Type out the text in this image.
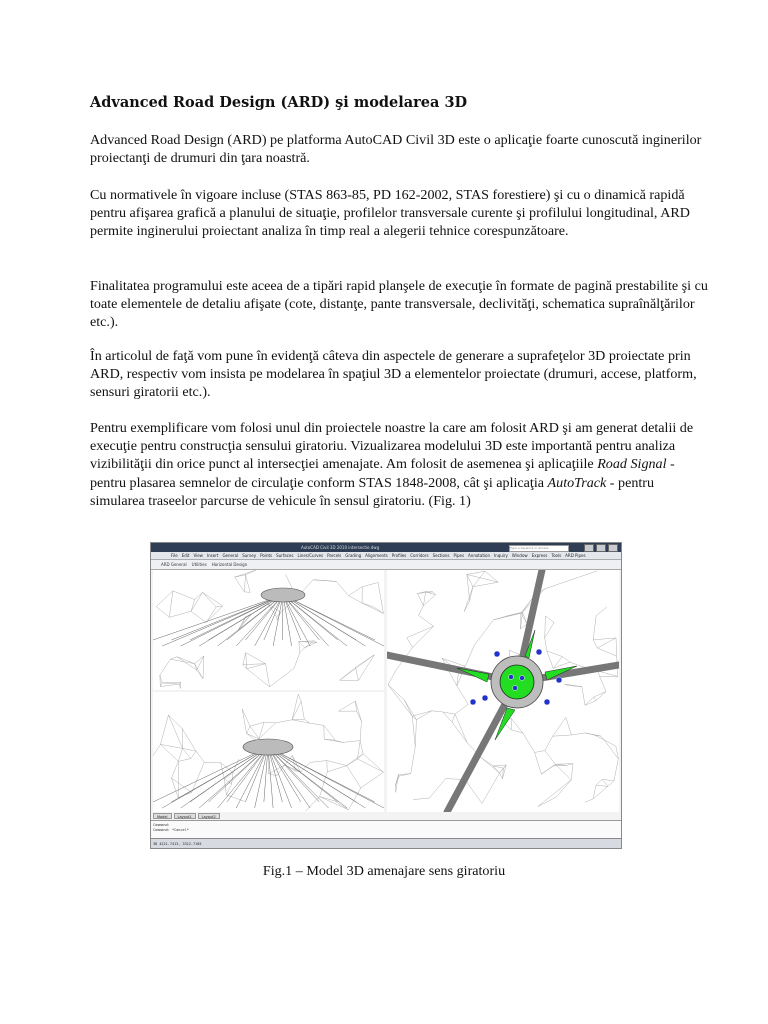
Advanced Road Design (ARD) şi modelarea 3D

Advanced Road Design (ARD) pe platforma AutoCAD Civil 3D este o aplicaţie foarte cunoscută inginerilor proiectanţi de drumuri din ţara noastră.

Cu normativele în vigoare incluse (STAS 863-85, PD 162-2002, STAS forestiere) şi cu o dinamică rapidă pentru afişarea grafică a planului de situaţie, profilelor transversale curente şi profilului longitudinal, ARD permite inginerului proiectant analiza în timp real a alegerii tehnice corespunzătoare.

Finalitatea programului este aceea de a tipări rapid planşele de execuţie în formate de pagină prestabilite şi cu toate elementele de detaliu afişate (cote, distanţe, pante transversale, declivităţi, schematica supraînălţărilor etc.).

În articolul de faţă vom pune în evidenţă câteva din aspectele de generare a suprafeţelor 3D proiectate prin ARD, respectiv vom insista pe modelarea în spaţiul 3D a elementelor proiectate (drumuri, accese, platform, sensuri giratorii etc.).

Pentru exemplificare vom folosi unul din proiectele noastre la care am folosit ARD şi am generat detalii de execuţie pentru construcţia sensului giratoriu. Vizualizarea modelului 3D este importantă pentru analiza vizibilităţii din orice punct al intersecţiei amenajate. Am folosit de asemenea şi aplicaţiile Road Signal - pentru plasarea semnelor de circulaţie conform STAS 1848-2008, cât şi aplicaţia AutoTrack - pentru simularea traseelor parcurse de vehicule în sensul giratoriu. (Fig. 1)

AutoCAD Civil 3D 2010 intersectie.dwg	Type a keyword or phrase
File Edit View Insert General Survey Points Surfaces Lines/Curves Parcels Grading Alignments Profiles Corridors Sections Pipes Annotation Inquiry Window Express Tools ARD Pipes
ARD General Utilities Horizontal Design
Model	Layout1	Layout2
Command:
Command: *Cancel*
3D 4221.7413, 3312.7105

Fig.1 – Model 3D amenajare sens giratoriu
